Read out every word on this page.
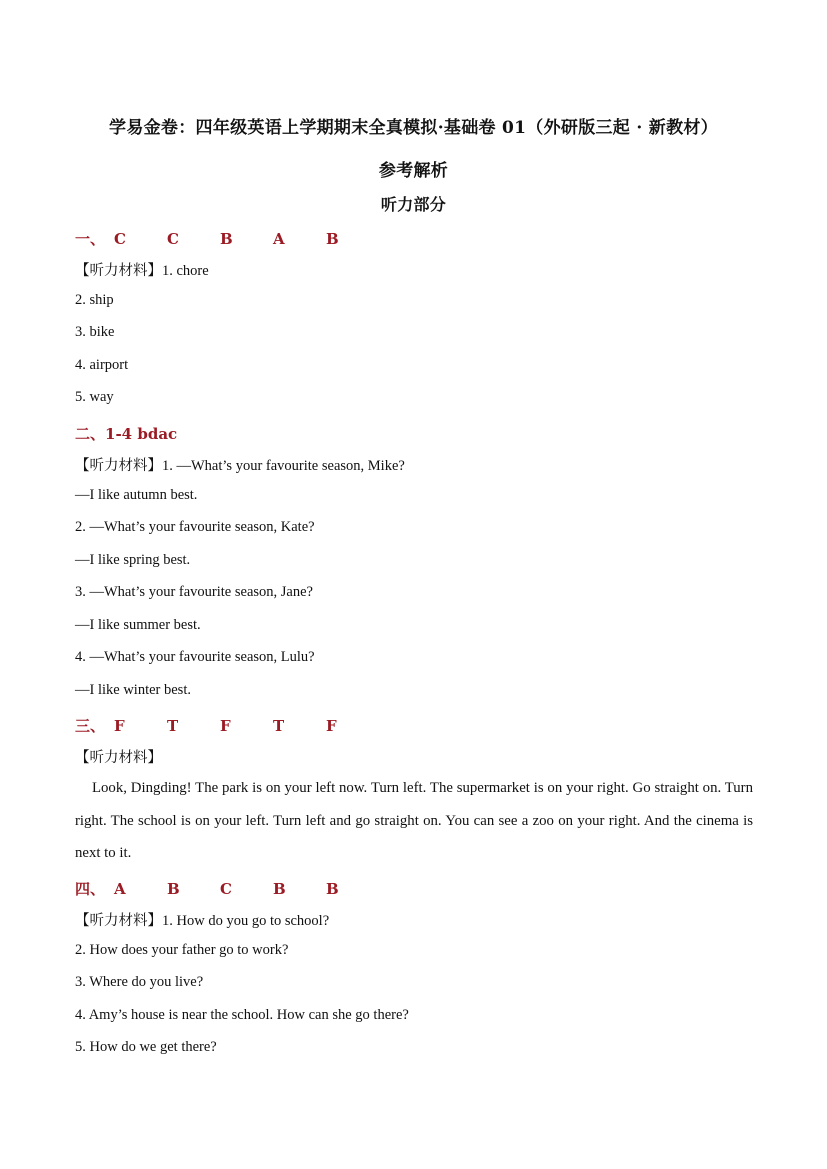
学易金卷：四年级英语上学期期末全真模拟·基础卷 01（外研版三起 · 新教材）
参考解析
听力部分
一、 C	C	B	A	B
【听力材料】1. chore
2. ship
3. bike
4. airport
5. way
二、1-4 bdac
【听力材料】1. —What’s your favourite season, Mike?
—I like autumn best.
2. —What’s your favourite season, Kate?
—I like spring best.
3. —What’s your favourite season, Jane?
—I like summer best.
4. —What’s your favourite season, Lulu?
—I like winter best.
三、 F	T	F	T	F
【听力材料】
Look, Dingding! The park is on your left now. Turn left. The supermarket is on your right. Go straight on. Turn right. The school is on your left. Turn left and go straight on. You can see a zoo on your right. And the cinema is next to it.
四、 A	B	C	B	B
【听力材料】1. How do you go to school?
2. How does your father go to work?
3. Where do you live?
4. Amy’s house is near the school. How can she go there?
5. How do we get there?
